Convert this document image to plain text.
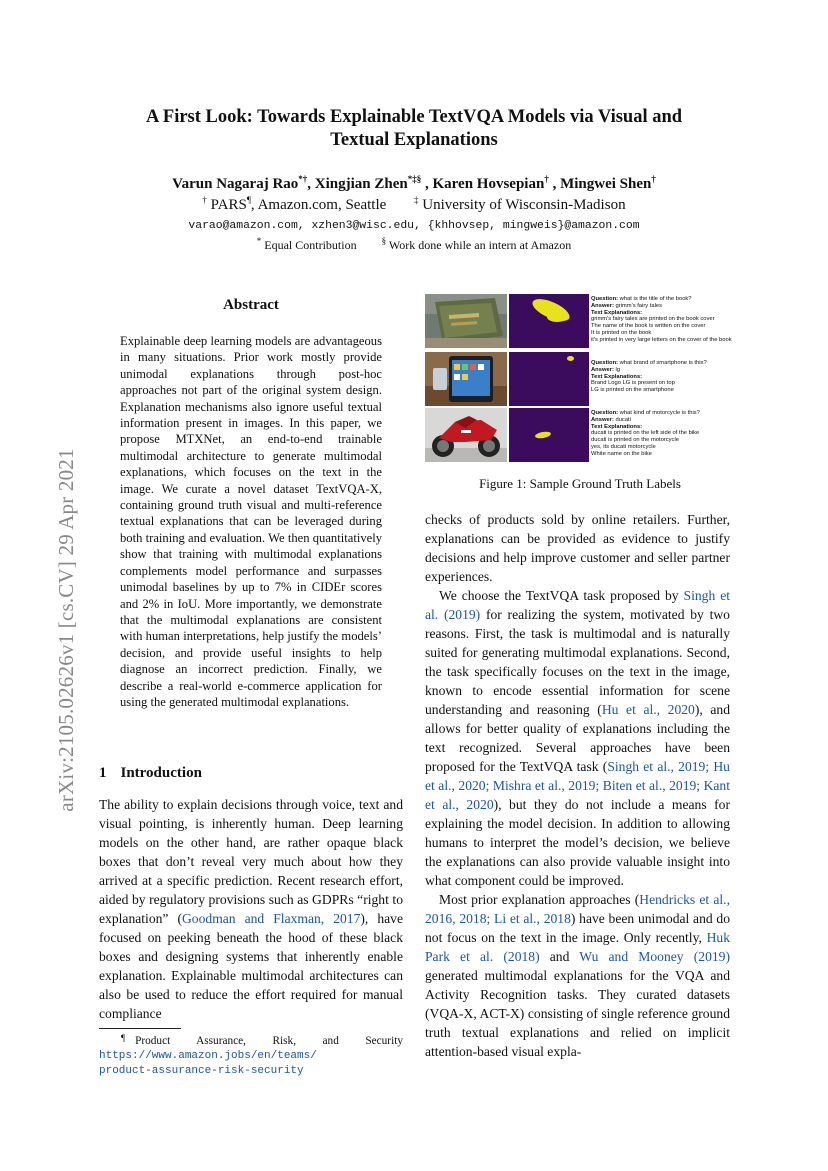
A First Look: Towards Explainable TextVQA Models via Visual and
Textual Explanations
Varun Nagaraj Rao*†, Xingjian Zhen*‡§ , Karen Hovsepian† , Mingwei Shen†
† PARS¶, Amazon.com, Seattle	‡ University of Wisconsin-Madison
varao@amazon.com, xzhen3@wisc.edu, {khhovsep, mingweis}@amazon.com
* Equal Contribution	§ Work done while an intern at Amazon
arXiv:2105.02626v1 [cs.CV] 29 Apr 2021
Abstract
Explainable deep learning models are advantageous in many situations. Prior work mostly provide unimodal explanations through post-hoc approaches not part of the original system design. Explanation mechanisms also ignore useful textual information present in images. In this paper, we propose MTXNet, an end-to-end trainable multimodal architecture to generate multimodal explanations, which focuses on the text in the image. We curate a novel dataset TextVQA-X, containing ground truth visual and multi-reference textual explanations that can be leveraged during both training and evaluation. We then quantitatively show that training with multimodal explanations complements model performance and surpasses unimodal baselines by up to 7% in CIDEr scores and 2% in IoU. More importantly, we demonstrate that the multimodal explanations are consistent with human interpretations, help justify the models’ decision, and provide useful insights to help diagnose an incorrect prediction. Finally, we describe a real-world e-commerce application for using the generated multimodal explanations.
1 Introduction

The ability to explain decisions through voice, text and visual pointing, is inherently human. Deep learning models on the other hand, are rather opaque black boxes that don’t reveal very much about how they arrived at a specific prediction. Recent research effort, aided by regulatory provisions such as GDPRs “right to explanation” (Goodman and Flaxman, 2017), have focused on peeking beneath the hood of these black boxes and designing systems that inherently enable explanation. Explainable multimodal architectures can also be used to reduce the effort required for manual compliance

¶ Product Assurance, Risk, and Security
https://www.amazon.jobs/en/teams/
product-assurance-risk-security
Question: what is the title of the book?
Answer: grimm's fairy tales
Text Explanations:
grimm's fairy tales are printed on the book cover
The name of the book is written on the cover
It is printed on the book
it's printed in very large letters on the cover of the book
Question: what brand of smartphone is this?
Answer: lg
Text Explanations:
Brand Logo LG is present on top
LG is printed on the smartphone
Question: what kind of motorcycle is this?
Answer: ducati
Text Explanations:
ducati is printed on the left side of the bike
ducati is printed on the motorcycle
yes, its ducati motorcycle
White name on the bike
Figure 1: Sample Ground Truth Labels

checks of products sold by online retailers. Further, explanations can be provided as evidence to justify decisions and help improve customer and seller partner experiences.

We choose the TextVQA task proposed by Singh et al. (2019) for realizing the system, motivated by two reasons. First, the task is multimodal and is naturally suited for generating multimodal explanations. Second, the task specifically focuses on the text in the image, known to encode essential information for scene understanding and reasoning (Hu et al., 2020), and allows for better quality of explanations including the text recognized. Several approaches have been proposed for the TextVQA task (Singh et al., 2019; Hu et al., 2020; Mishra et al., 2019; Biten et al., 2019; Kant et al., 2020), but they do not include a means for explaining the model decision. In addition to allowing humans to interpret the model’s decision, we believe the explanations can also provide valuable insight into what component could be improved.

Most prior explanation approaches (Hendricks et al., 2016, 2018; Li et al., 2018) have been unimodal and do not focus on the text in the image. Only recently, Huk Park et al. (2018) and Wu and Mooney (2019) generated multimodal explanations for the VQA and Activity Recognition tasks. They curated datasets (VQA-X, ACT-X) consisting of single reference ground truth textual explanations and relied on implicit attention-based visual expla-
